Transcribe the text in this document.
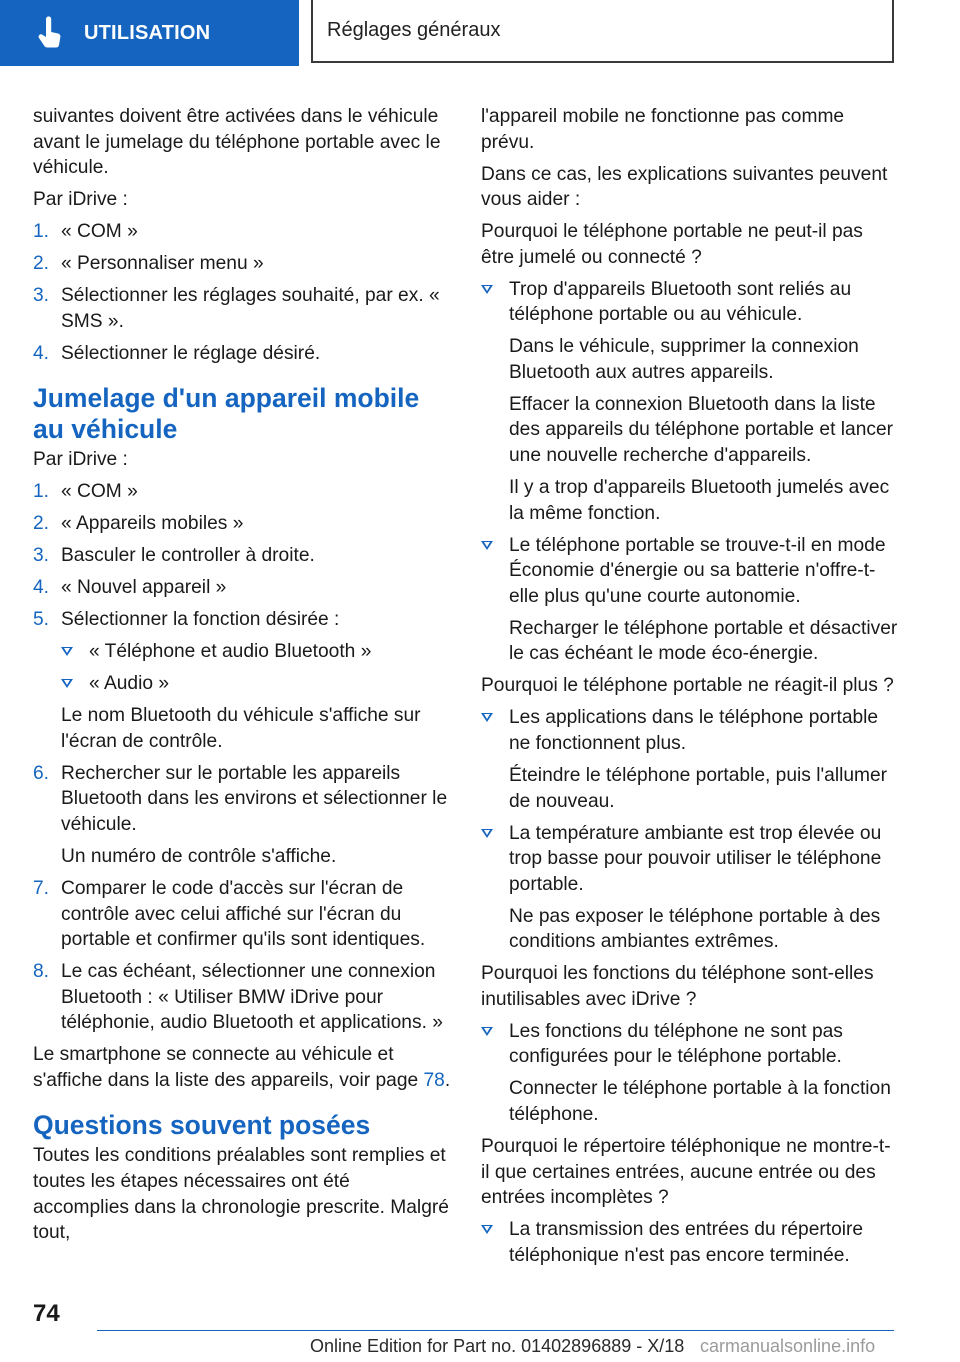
UTILISATION	Réglages généraux
suivantes doivent être activées dans le véhicule avant le jumelage du téléphone portable avec le véhicule.
Par iDrive :
1. « COM »
2. « Personnaliser menu »
3. Sélectionner les réglages souhaité, par ex. « SMS ».
4. Sélectionner le réglage désiré.
Jumelage d'un appareil mobile au véhicule
Par iDrive :
1. « COM »
2. « Appareils mobiles »
3. Basculer le controller à droite.
4. « Nouvel appareil »
5. Sélectionner la fonction désirée :
« Téléphone et audio Bluetooth »
« Audio »
Le nom Bluetooth du véhicule s'affiche sur l'écran de contrôle.
6. Rechercher sur le portable les appareils Bluetooth dans les environs et sélectionner le véhicule.
Un numéro de contrôle s'affiche.
7. Comparer le code d'accès sur l'écran de contrôle avec celui affiché sur l'écran du portable et confirmer qu'ils sont identiques.
8. Le cas échéant, sélectionner une connexion Bluetooth : « Utiliser BMW iDrive pour téléphonie, audio Bluetooth et applications. »
Le smartphone se connecte au véhicule et s'affiche dans la liste des appareils, voir page 78.
Questions souvent posées
Toutes les conditions préalables sont remplies et toutes les étapes nécessaires ont été accomplies dans la chronologie prescrite. Malgré tout,
l'appareil mobile ne fonctionne pas comme prévu.
Dans ce cas, les explications suivantes peuvent vous aider :
Pourquoi le téléphone portable ne peut-il pas être jumelé ou connecté ?
Trop d'appareils Bluetooth sont reliés au téléphone portable ou au véhicule.
Dans le véhicule, supprimer la connexion Bluetooth aux autres appareils.
Effacer la connexion Bluetooth dans la liste des appareils du téléphone portable et lancer une nouvelle recherche d'appareils.
Il y a trop d'appareils Bluetooth jumelés avec la même fonction.
Le téléphone portable se trouve-t-il en mode Économie d'énergie ou sa batterie n'offre-t-elle plus qu'une courte autonomie.
Recharger le téléphone portable et désactiver le cas échéant le mode éco-énergie.
Pourquoi le téléphone portable ne réagit-il plus ?
Les applications dans le téléphone portable ne fonctionnent plus.
Éteindre le téléphone portable, puis l'allumer de nouveau.
La température ambiante est trop élevée ou trop basse pour pouvoir utiliser le téléphone portable.
Ne pas exposer le téléphone portable à des conditions ambiantes extrêmes.
Pourquoi les fonctions du téléphone sont-elles inutilisables avec iDrive ?
Les fonctions du téléphone ne sont pas configurées pour le téléphone portable.
Connecter le téléphone portable à la fonction téléphone.
Pourquoi le répertoire téléphonique ne montre-t-il que certaines entrées, aucune entrée ou des entrées incomplètes ?
La transmission des entrées du répertoire téléphonique n'est pas encore terminée.
74
Online Edition for Part no. 01402896889 - X/18 carmanualsonline.info
